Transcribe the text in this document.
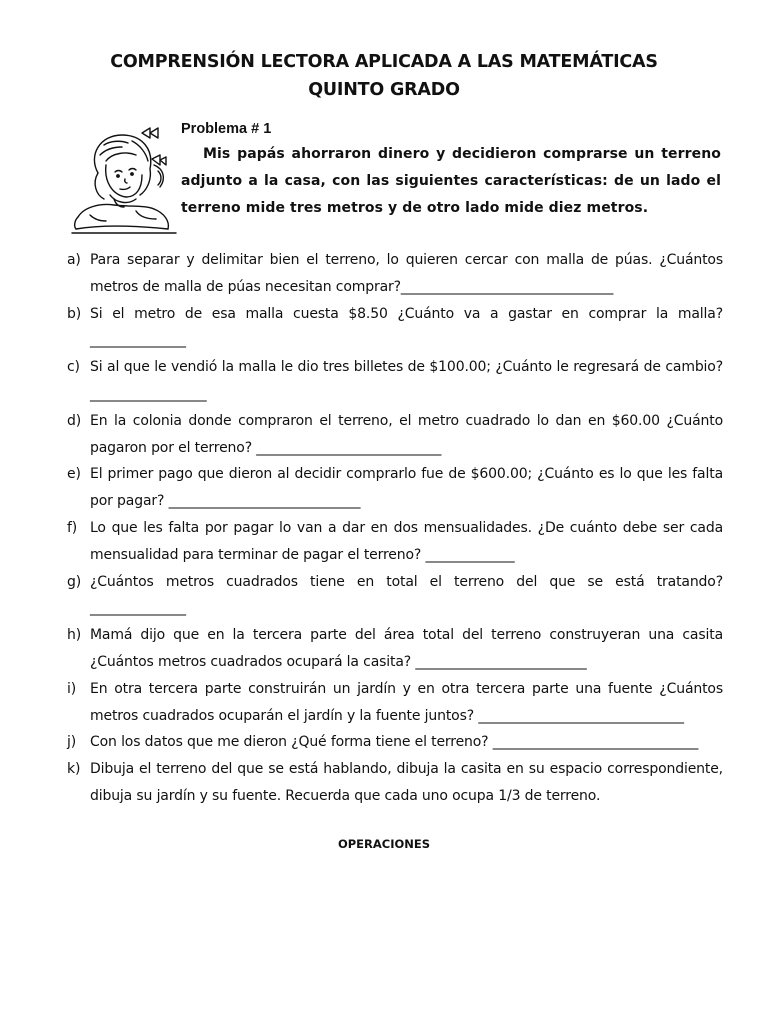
COMPRENSIÓN LECTORA APLICADA A LAS MATEMÁTICAS
QUINTO GRADO
Problema # 1
Mis papás ahorraron dinero y decidieron comprarse un terreno adjunto a la casa, con las siguientes características: de un lado el terreno mide tres metros y de otro lado mide diez metros.
a) Para separar y delimitar bien el terreno, lo quieren cercar con malla de púas. ¿Cuántos metros de malla de púas necesitan comprar?_______________________________
b) Si el metro de esa malla cuesta $8.50 ¿Cuánto va a gastar en comprar la malla? ______________
c) Si al que le vendió la malla le dio tres billetes de $100.00; ¿Cuánto le regresará de cambio?_________________
d) En la colonia donde compraron el terreno, el metro cuadrado lo dan en $60.00 ¿Cuánto pagaron por el terreno? ___________________________
e) El primer pago que dieron al decidir comprarlo fue de $600.00; ¿Cuánto es lo que les falta por pagar? ____________________________
f) Lo que les falta por pagar lo van a dar en dos mensualidades. ¿De cuánto debe ser cada mensualidad para terminar de pagar el terreno? _____________
g) ¿Cuántos metros cuadrados tiene en total el terreno del que se está tratando? ______________
h) Mamá dijo que en la tercera parte del área total del terreno construyeran una casita ¿Cuántos metros cuadrados ocupará la casita? _________________________
i) En otra tercera parte construirán un jardín y en otra tercera parte una fuente ¿Cuántos metros cuadrados ocuparán el jardín y la fuente juntos? ______________________________
j) Con los datos que me dieron ¿Qué forma tiene el terreno? ______________________________
k) Dibuja el terreno del que se está hablando, dibuja la casita en su espacio correspondiente, dibuja su jardín y su fuente. Recuerda que cada uno ocupa 1/3 de terreno.
OPERACIONES
